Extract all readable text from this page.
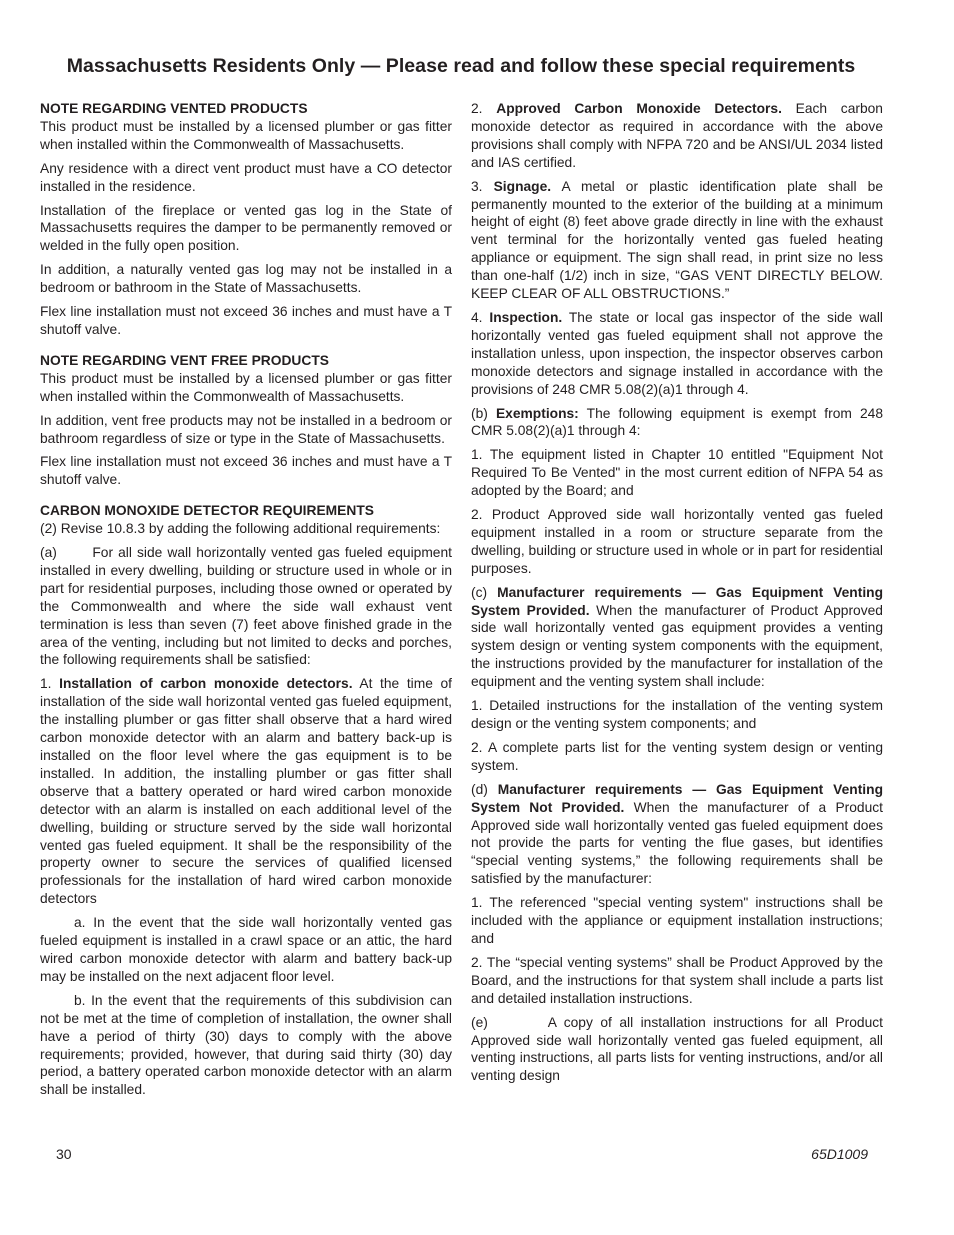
Massachusetts Residents Only — Please read and follow these special requirements
NOTE REGARDING VENTED PRODUCTS

This product must be installed by a licensed plumber or gas fitter when installed within the Commonwealth of Massachusetts.

Any residence with a direct vent product must have a CO detector installed in the residence.

Installation of the fireplace or vented gas log in the State of Massachusetts requires the damper to be permanently removed or welded in the fully open position.

In addition, a naturally vented gas log may not be installed in a bedroom or bathroom in the State of Massachusetts.

Flex line installation must not exceed 36 inches and must have a T shutoff valve.

NOTE REGARDING VENT FREE PRODUCTS

This product must be installed by a licensed plumber or gas fitter when installed within the Commonwealth of Massachusetts.

In addition, vent free products may not be installed in a bedroom or bathroom regardless of size or type in the State of Massachusetts.

Flex line installation must not exceed 36 inches and must have a T shutoff valve.

CARBON MONOXIDE DETECTOR REQUIREMENTS

(2) Revise 10.8.3 by adding the following additional requirements:

(a)       For all side wall horizontally vented gas fueled equipment installed in every dwelling, building or structure used in whole or in part for residential purposes, including those owned or operated by the Commonwealth and where the side wall exhaust vent termination is less than seven (7) feet above finished grade in the area of the venting, including but not limited to decks and porches, the following requirements shall be satisfied:

1. Installation of carbon monoxide detectors. At the time of installation of the side wall horizontal vented gas fueled equipment, the installing plumber or gas fitter shall observe that a hard wired carbon monoxide detector with an alarm and battery back-up is installed on the floor level where the gas equipment is to be installed. In addition, the installing plumber or gas fitter shall observe that a battery operated or hard wired carbon monoxide detector with an alarm is installed on each additional level of the dwelling, building or structure served by the side wall horizontal vented gas fueled equipment. It shall be the responsibility of the property owner to secure the services of qualified licensed professionals for the installation of hard wired carbon monoxide detectors

a. In the event that the side wall horizontally vented gas fueled equipment is installed in a crawl space or an attic, the hard wired carbon monoxide detector with alarm and battery back-up may be installed on the next adjacent floor level.

b. In the event that the requirements of this subdivision can not be met at the time of completion of installation, the owner shall have a period of thirty (30) days to comply with the above requirements; provided, however, that during said thirty (30) day period, a battery operated carbon monoxide detector with an alarm shall be installed.

2. Approved Carbon Monoxide Detectors. Each carbon monoxide detector as required in accordance with the above provisions shall comply with NFPA 720 and be ANSI/UL 2034 listed and IAS certified.

3. Signage. A metal or plastic identification plate shall be permanently mounted to the exterior of the building at a minimum height of eight (8) feet above grade directly in line with the exhaust vent terminal for the horizontally vented gas fueled heating appliance or equipment. The sign shall read, in print size no less than one-half (1/2) inch in size, “GAS VENT DIRECTLY BELOW. KEEP CLEAR OF ALL OBSTRUCTIONS.”

4. Inspection. The state or local gas inspector of the side wall horizontally vented gas fueled equipment shall not approve the installation unless, upon inspection, the inspector observes carbon monoxide detectors and signage installed in accordance with the provisions of 248 CMR 5.08(2)(a)1 through 4.

(b) Exemptions: The following equipment is exempt from 248 CMR 5.08(2)(a)1 through 4:

1. The equipment listed in Chapter 10 entitled "Equipment Not Required To Be Vented" in the most current edition of NFPA 54 as adopted by the Board; and

2. Product Approved side wall horizontally vented gas fueled equipment installed in a room or structure separate from the dwelling, building or structure used in whole or in part for residential purposes.

(c) Manufacturer requirements — Gas Equipment Venting System Provided. When the manufacturer of Product Approved side wall horizontally vented gas equipment provides a venting system design or venting system components with the equipment, the instructions provided by the manufacturer for installation of the equipment and the venting system shall include:

1. Detailed instructions for the installation of the venting system design or the venting system components; and

2. A complete parts list for the venting system design or venting system.

(d) Manufacturer requirements — Gas Equipment Venting System Not Provided. When the manufacturer of a Product Approved side wall horizontally vented gas fueled equipment does not provide the parts for venting the flue gases, but identifies “special venting systems,” the following requirements shall be satisfied by the manufacturer:

1. The referenced "special venting system" instructions shall be included with the appliance or equipment installation instructions; and

2. The “special venting systems” shall be Product Approved by the Board, and the instructions for that system shall include a parts list and detailed installation instructions.

(e)        A copy of all installation instructions for all Product Approved side wall horizontally vented gas fueled equipment, all venting instructions, all parts lists for venting instructions, and/or all venting design

30	65D1009
